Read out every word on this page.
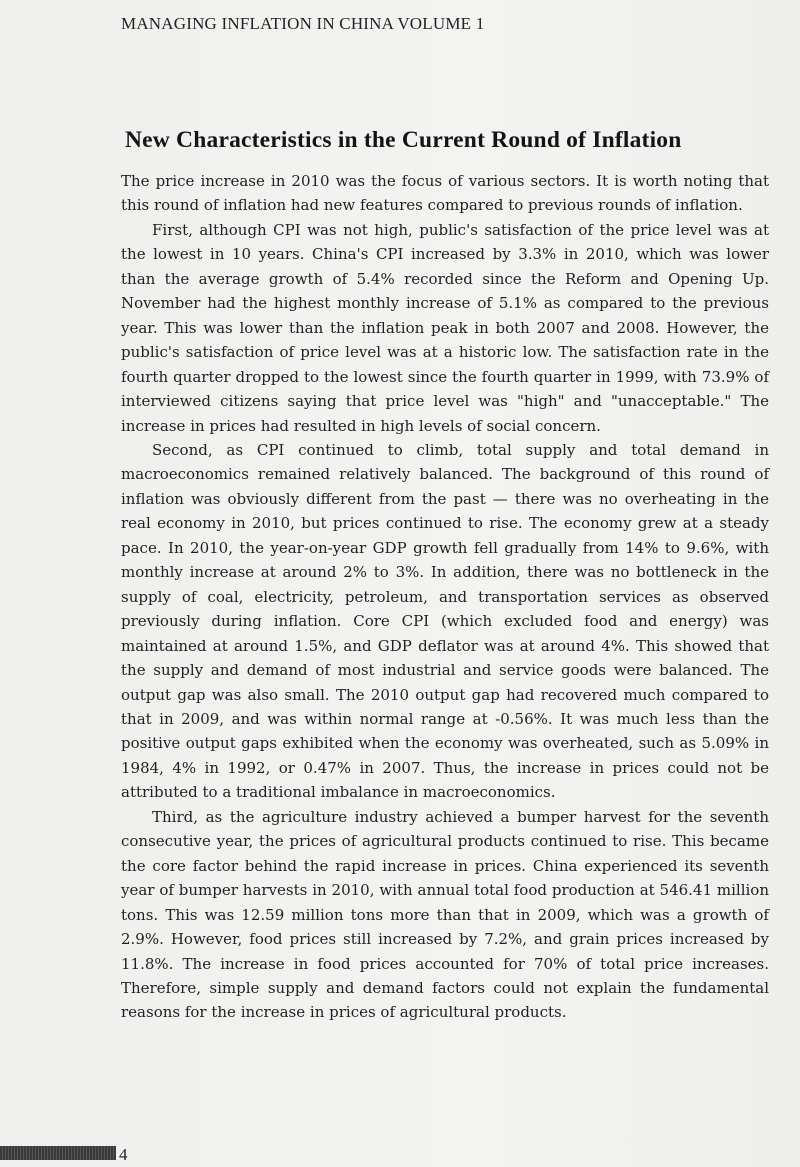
MANAGING INFLATION IN CHINA VOLUME 1
New Characteristics in the Current Round of Inflation

The price increase in 2010 was the focus of various sectors. It is worth noting that this round of inflation had new features compared to previous rounds of inflation.

First, although CPI was not high, public's satisfaction of the price level was at the lowest in 10 years. China's CPI increased by 3.3% in 2010, which was lower than the average growth of 5.4% recorded since the Reform and Opening Up. November had the highest monthly increase of 5.1% as compared to the previous year. This was lower than the inflation peak in both 2007 and 2008. However, the public's satisfaction of price level was at a historic low. The satisfaction rate in the fourth quarter dropped to the lowest since the fourth quarter in 1999, with 73.9% of interviewed citizens saying that price level was "high" and "unacceptable." The increase in prices had resulted in high levels of social concern.

Second, as CPI continued to climb, total supply and total demand in macroeconomics remained relatively balanced. The background of this round of inflation was obviously different from the past — there was no overheating in the real economy in 2010, but prices continued to rise. The economy grew at a steady pace. In 2010, the year-on-year GDP growth fell gradually from 14% to 9.6%, with monthly increase at around 2% to 3%. In addition, there was no bottleneck in the supply of coal, electricity, petroleum, and transportation services as observed previously during inflation. Core CPI (which excluded food and energy) was maintained at around 1.5%, and GDP deflator was at around 4%. This showed that the supply and demand of most industrial and service goods were balanced. The output gap was also small. The 2010 output gap had recovered much compared to that in 2009, and was within normal range at -0.56%. It was much less than the positive output gaps exhibited when the economy was overheated, such as 5.09% in 1984, 4% in 1992, or 0.47% in 2007. Thus, the increase in prices could not be attributed to a traditional imbalance in macroeconomics.

Third, as the agriculture industry achieved a bumper harvest for the seventh consecutive year, the prices of agricultural products continued to rise. This became the core factor behind the rapid increase in prices. China experienced its seventh year of bumper harvests in 2010, with annual total food production at 546.41 million tons. This was 12.59 million tons more than that in 2009, which was a growth of 2.9%. However, food prices still increased by 7.2%, and grain prices increased by 11.8%. The increase in food prices accounted for 70% of total price increases. Therefore, simple supply and demand factors could not explain the fundamental reasons for the increase in prices of agricultural products.

4
